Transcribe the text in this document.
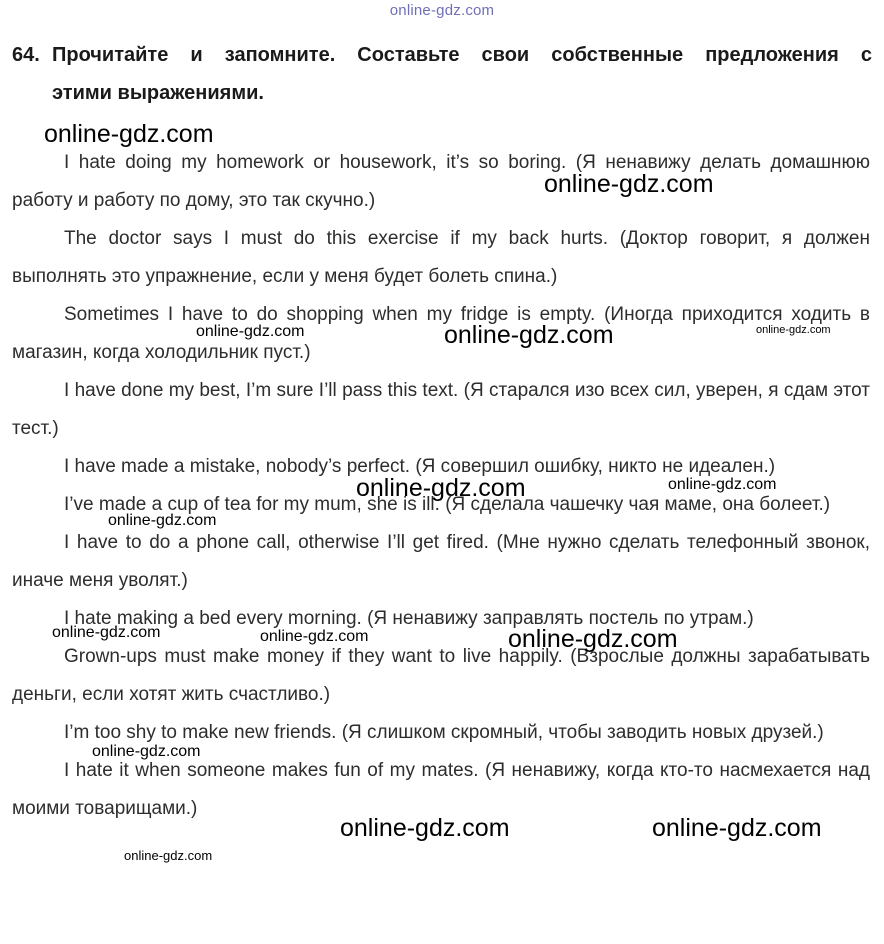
online-gdz.com
64. Прочитайте и запомните. Составьте свои собственные предложения с
этими выражениями.

I hate doing my homework or housework, it’s so boring. (Я ненавижу делать домашнюю работу и работу по дому, это так скучно.)

The doctor says I must do this exercise if my back hurts. (Доктор говорит, я должен выполнять это упражнение, если у меня будет болеть спина.)

Sometimes I have to do shopping when my fridge is empty. (Иногда приходится ходить в магазин, когда холодильник пуст.)

I have done my best, I’m sure I’ll pass this text. (Я старался изо всех сил, уверен, я сдам этот тест.)

I have made a mistake, nobody’s perfect. (Я совершил ошибку, никто не идеален.)

I’ve made a cup of tea for my mum, she is ill. (Я сделала чашечку чая маме, она болеет.)

I have to do a phone call, otherwise I’ll get fired. (Мне нужно сделать телефонный звонок, иначе меня уволят.)

I hate making a bed every morning. (Я ненавижу заправлять постель по утрам.)

Grown-ups must make money if they want to live happily. (Взрослые должны зарабатывать деньги, если хотят жить счастливо.)

I’m too shy to make new friends. (Я слишком скромный, чтобы заводить новых друзей.)

I hate it when someone makes fun of my mates. (Я ненавижу, когда кто-то насмехается над моими товарищами.)

online-gdz.com
online-gdz.com
online-gdz.com	online-gdz.com	online-gdz.com
online-gdz.com	online-gdz.com
online-gdz.com
online-gdz.com	online-gdz.com	online-gdz.com
online-gdz.com
online-gdz.com	online-gdz.com
online-gdz.com
